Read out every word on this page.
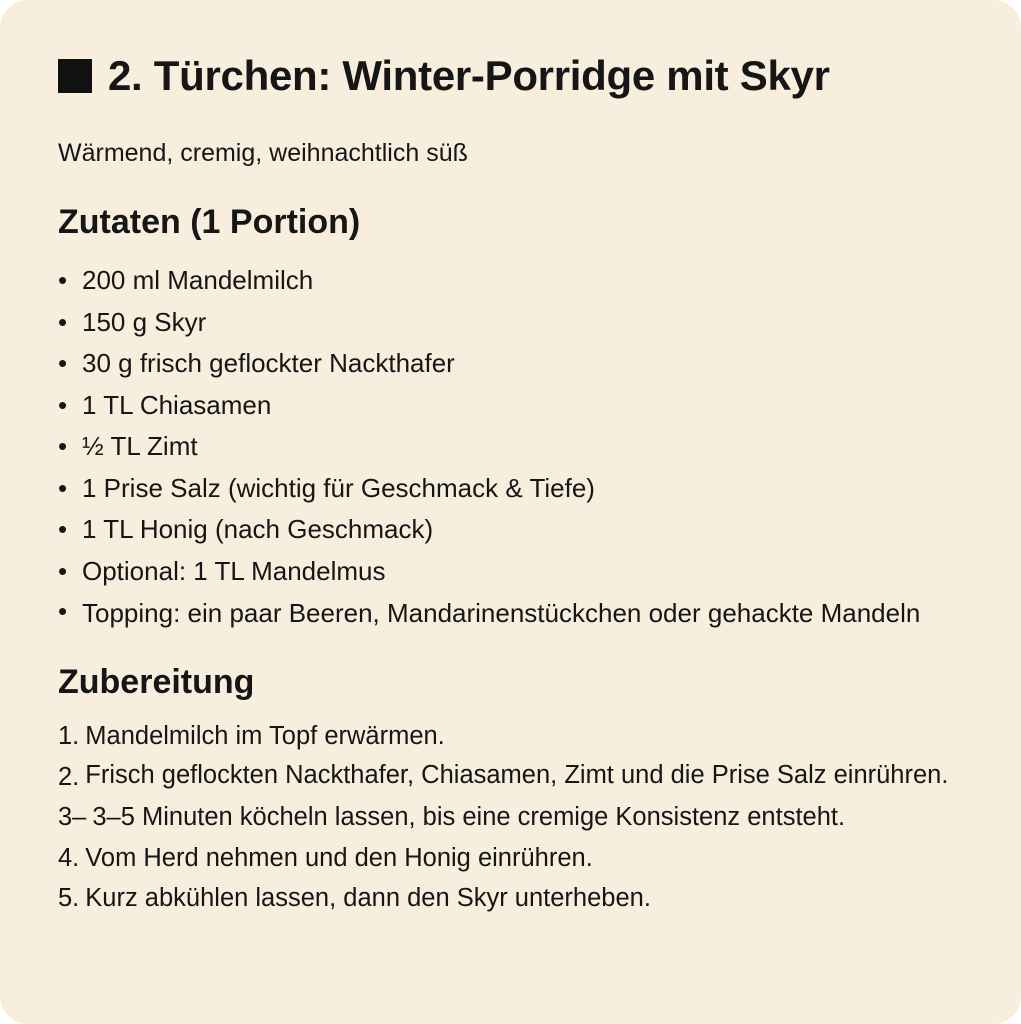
2. Türchen: Winter-Porridge mit Skyr
Wärmend, cremig, weihnachtlich süß
Zutaten (1 Portion)
• 200 ml Mandelmilch
• 150 g Skyr
• 30 g frisch geflockter Nackthafer
• 1 TL Chiasamen
• ½ TL Zimt
• 1 Prise Salz (wichtig für Geschmack & Tiefe)
• 1 TL Honig (nach Geschmack)
• Optional: 1 TL Mandelmus
• Topping: ein paar Beeren, Mandarinenstückchen oder gehackte Mandeln
Zubereitung
1. Mandelmilch im Topf erwärmen.
2. Frisch geflockten Nackthafer, Chiasamen, Zimt und die Prise Salz einrühren.
3– 3–5 Minuten köcheln lassen, bis eine cremige Konsistenz entsteht.
4. Vom Herd nehmen und den Honig einrühren.
5. Kurz abkühlen lassen, dann den Skyr unterheben.
